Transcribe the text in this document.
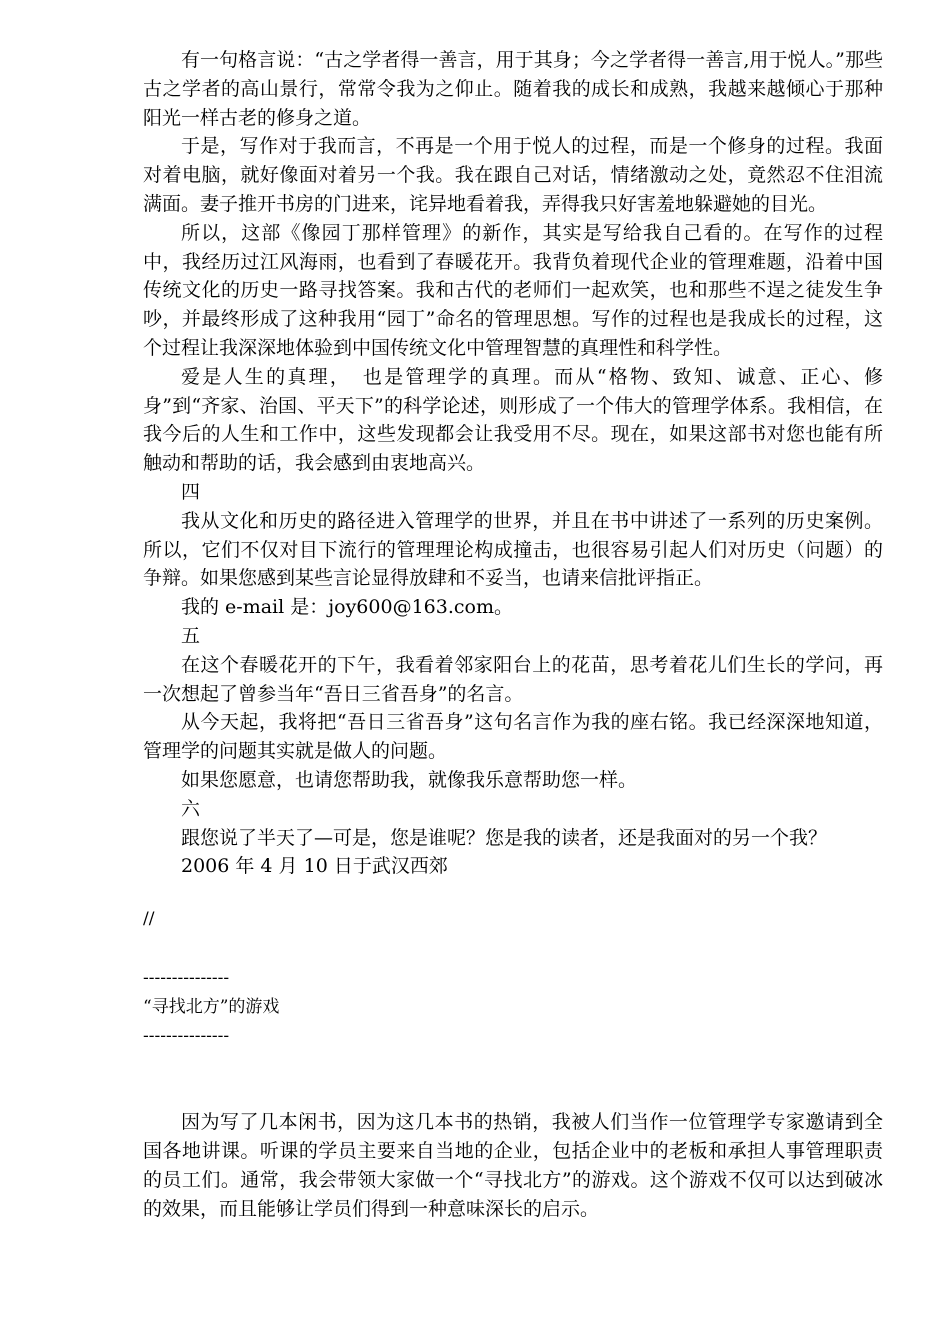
有一句格言说：“古之学者得一善言，用于其身；今之学者得一善言,用于悦人。”那些古之学者的高山景行，常常令我为之仰止。随着我的成长和成熟，我越来越倾心于那种阳光一样古老的修身之道。

于是，写作对于我而言，不再是一个用于悦人的过程，而是一个修身的过程。我面对着电脑，就好像面对着另一个我。我在跟自己对话，情绪激动之处，竟然忍不住泪流满面。妻子推开书房的门进来，诧异地看着我，弄得我只好害羞地躲避她的目光。

所以，这部《像园丁那样管理》的新作，其实是写给我自己看的。在写作的过程中，我经历过江风海雨，也看到了春暖花开。我背负着现代企业的管理难题，沿着中国传统文化的历史一路寻找答案。我和古代的老师们一起欢笑，也和那些不逞之徒发生争吵，并最终形成了这种我用“园丁”命名的管理思想。写作的过程也是我成长的过程，这个过程让我深深地体验到中国传统文化中管理智慧的真理性和科学性。

爱是人生的真理，　也是管理学的真理。而从“格物、致知、诚意、正心、修身”到“齐家、治国、平天下”的科学论述，则形成了一个伟大的管理学体系。我相信，在我今后的人生和工作中，这些发现都会让我受用不尽。现在，如果这部书对您也能有所触动和帮助的话，我会感到由衷地高兴。

四

我从文化和历史的路径进入管理学的世界，并且在书中讲述了一系列的历史案例。所以，它们不仅对目下流行的管理理论构成撞击，也很容易引起人们对历史（问题）的争辩。如果您感到某些言论显得放肆和不妥当，也请来信批评指正。

我的 e-mail 是：joy600@163.com。

五

在这个春暖花开的下午，我看着邻家阳台上的花苗，思考着花儿们生长的学问，再一次想起了曾参当年“吾日三省吾身”的名言。

从今天起，我将把“吾日三省吾身”这句名言作为我的座右铭。我已经深深地知道，管理学的问题其实就是做人的问题。

如果您愿意，也请您帮助我，就像我乐意帮助您一样。

六

跟您说了半天了—可是，您是谁呢？您是我的读者，还是我面对的另一个我？

2006 年 4 月 10 日于武汉西郊

//

---------------

“寻找北方”的游戏

---------------

因为写了几本闲书，因为这几本书的热销，我被人们当作一位管理学专家邀请到全国各地讲课。听课的学员主要来自当地的企业，包括企业中的老板和承担人事管理职责的员工们。通常，我会带领大家做一个“寻找北方”的游戏。这个游戏不仅可以达到破冰的效果，而且能够让学员们得到一种意味深长的启示。
